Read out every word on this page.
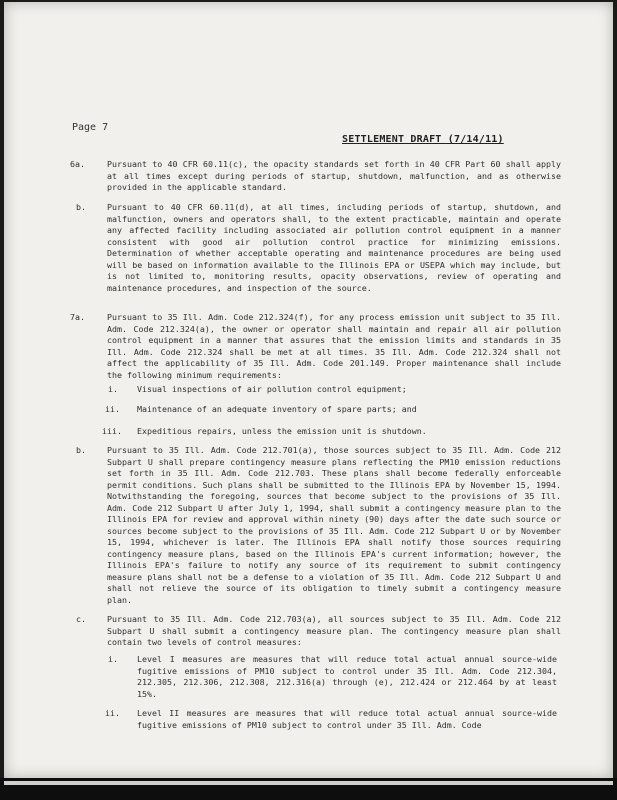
Page 7
SETTLEMENT DRAFT (7/14/11)
6a.	Pursuant to 40 CFR 60.11(c), the opacity standards set forth in 40 CFR Part 60 shall apply at all times except during periods of startup, shutdown, malfunction, and as otherwise provided in the applicable standard.
b.	Pursuant to 40 CFR 60.11(d), at all times, including periods of startup, shutdown, and malfunction, owners and operators shall, to the extent practicable, maintain and operate any affected facility including associated air pollution control equipment in a manner consistent with good air pollution control practice for minimizing emissions. Determination of whether acceptable operating and maintenance procedures are being used will be based on information available to the Illinois EPA or USEPA which may include, but is not limited to, monitoring results, opacity observations, review of operating and maintenance procedures, and inspection of the source.
7a.	Pursuant to 35 Ill. Adm. Code 212.324(f), for any process emission unit subject to 35 Ill. Adm. Code 212.324(a), the owner or operator shall maintain and repair all air pollution control equipment in a manner that assures that the emission limits and standards in 35 Ill. Adm. Code 212.324 shall be met at all times. 35 Ill. Adm. Code 212.324 shall not affect the applicability of 35 Ill. Adm. Code 201.149. Proper maintenance shall include the following minimum requirements:
i. Visual inspections of air pollution control equipment;
ii. Maintenance of an adequate inventory of spare parts; and
iii. Expeditious repairs, unless the emission unit is shutdown.
b.	Pursuant to 35 Ill. Adm. Code 212.701(a), those sources subject to 35 Ill. Adm. Code 212 Subpart U shall prepare contingency measure plans reflecting the PM10 emission reductions set forth in 35 Ill. Adm. Code 212.703. These plans shall become federally enforceable permit conditions. Such plans shall be submitted to the Illinois EPA by November 15, 1994. Notwithstanding the foregoing, sources that become subject to the provisions of 35 Ill. Adm. Code 212 Subpart U after July 1, 1994, shall submit a contingency measure plan to the Illinois EPA for review and approval within ninety (90) days after the date such source or sources become subject to the provisions of 35 Ill. Adm. Code 212 Subpart U or by November 15, 1994, whichever is later. The Illinois EPA shall notify those sources requiring contingency measure plans, based on the Illinois EPA's current information; however, the Illinois EPA's failure to notify any source of its requirement to submit contingency measure plans shall not be a defense to a violation of 35 Ill. Adm. Code 212 Subpart U and shall not relieve the source of its obligation to timely submit a contingency measure plan.
c.	Pursuant to 35 Ill. Adm. Code 212.703(a), all sources subject to 35 Ill. Adm. Code 212 Subpart U shall submit a contingency measure plan. The contingency measure plan shall contain two levels of control measures:
i. Level I measures are measures that will reduce total actual annual source-wide fugitive emissions of PM10 subject to control under 35 Ill. Adm. Code 212.304, 212.305, 212.306, 212.308, 212.316(a) through (e), 212.424 or 212.464 by at least 15%.
ii. Level II measures are measures that will reduce total actual annual source-wide fugitive emissions of PM10 subject to control under 35 Ill. Adm. Code
